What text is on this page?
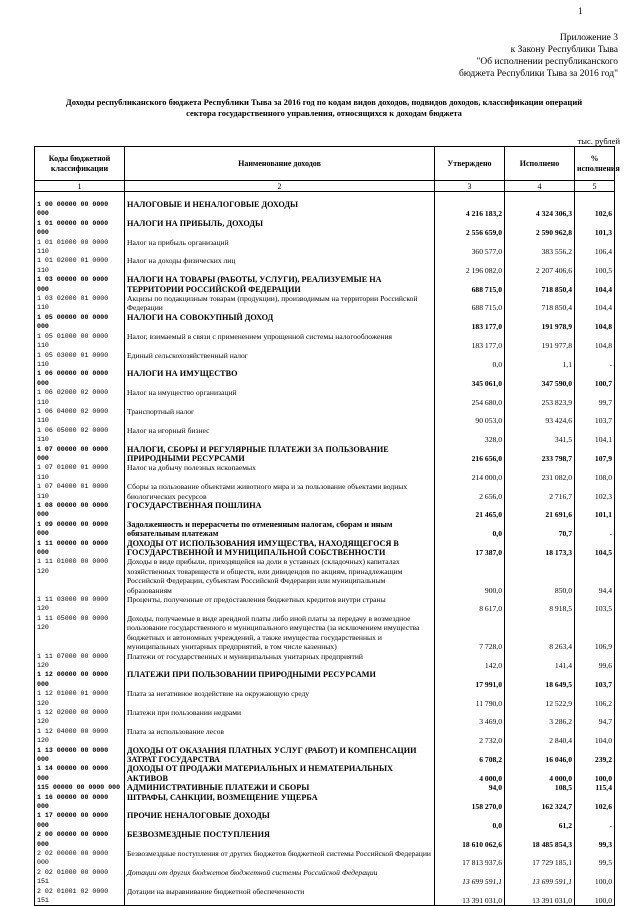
1
Приложение 3
к Закону Республики Тыва
"Об исполнении республиканского
бюджета Республики Тыва за 2016 год"
Доходы республиканского бюджета Республики Тыва за 2016 год по кодам видов доходов, подвидов доходов, классификации операций
сектора государственного управления, относящихся к доходам бюджета
тыс. рублей
Коды бюджетной классификации	Наименование доходов	Утверждено	Исполнено	% исполнения
1	2	3	4	5

1 00 00000 00 0000 000	НАЛОГОВЫЕ И НЕНАЛОГОВЫЕ ДОХОДЫ	4 216 183,2	4 324 306,3	102,6
1 01 00000 00 0000 000	НАЛОГИ НА ПРИБЫЛЬ, ДОХОДЫ	2 556 659,0	2 590 962,8	101,3
1 01 01000 00 0000 110	Налог на прибыль организаций	360 577,0	383 556,2	106,4
1 01 02000 01 0000 110	Налог на доходы физических лиц	2 196 082,0	2 207 406,6	100,5
1 03 00000 00 0000 000	НАЛОГИ НА ТОВАРЫ (РАБОТЫ, УСЛУГИ), РЕАЛИЗУЕМЫЕ НА ТЕРРИТОРИИ РОССИЙСКОЙ ФЕДЕРАЦИИ	688 715,0	718 850,4	104,4
1 03 02000 01 0000 110	Акцизы по подакцизным товарам (продукции), производимым на территории Российской Федерации	688 715,0	718 850,4	104,4
1 05 00000 00 0000 000	НАЛОГИ НА СОВОКУПНЫЙ ДОХОД	183 177,0	191 978,9	104,8
1 05 01000 00 0000 110	Налог, взимаемый в связи с применением упрощенной системы налогообложения	183 177,0	191 977,8	104,8
1 05 03000 01 0000 110	Единый сельскохозяйственный налог	0,0	1,1	-
1 06 00000 00 0000 000	НАЛОГИ НА ИМУЩЕСТВО	345 061,0	347 590,0	100,7
1 06 02000 02 0000 110	Налог на имущество организаций	254 680,0	253 823,9	99,7
1 06 04000 02 0000 110	Транспортный налог	90 053,0	93 424,6	103,7
1 06 05000 02 0000 110	Налог на игорный бизнес	328,0	341,5	104,1
1 07 00000 00 0000 000	НАЛОГИ, СБОРЫ И РЕГУЛЯРНЫЕ ПЛАТЕЖИ ЗА ПОЛЬЗОВАНИЕ ПРИРОДНЫМИ РЕСУРСАМИ	216 656,0	233 798,7	107,9
1 07 01000 01 0000 110	Налог на добычу полезных ископаемых	214 000,0	231 082,0	108,0
1 07 04000 01 0000 110	Сборы за пользование объектами животного мира и за пользование объектами водных биологических ресурсов	2 656,0	2 716,7	102,3
1 08 00000 00 0000 000	ГОСУДАРСТВЕННАЯ ПОШЛИНА	21 465,0	21 691,6	101,1
1 09 00000 00 0000 000	Задолженность и перерасчеты по отмененным налогам, сборам и иным обязательным платежам	0,0	70,7	-
1 11 00000 00 0000 000	ДОХОДЫ ОТ ИСПОЛЬЗОВАНИЯ ИМУЩЕСТВА, НАХОДЯЩЕГОСЯ В ГОСУДАРСТВЕННОЙ И МУНИЦИПАЛЬНОЙ СОБСТВЕННОСТИ	17 387,0	18 173,3	104,5
1 11 01000 00 0000 120	Доходы в виде прибыли, приходящейся на доли в уставных (складочных) капиталах хозяйственных товариществ и обществ, или дивидендов по акциям, принадлежащим Российской Федерации, субъектам Российской Федерации или муниципальным образованиям	900,0	850,0	94,4
1 11 03000 00 0000 120	Проценты, полученные от предоставления бюджетных кредитов внутри страны	8 617,0	8 918,5	103,5
1 11 05000 00 0000 120	Доходы, получаемые в виде арендной платы либо иной платы за передачу в возмездное пользование государственного и муниципального имущества (за исключением имущества бюджетных и автономных учреждений, а также имущества государственных и муниципальных унитарных предприятий, в том числе казенных)	7 728,0	8 263,4	106,9
1 11 07000 00 0000 120	Платежи от государственных и муниципальных унитарных предприятий	142,0	141,4	99,6
1 12 00000 00 0000 000	ПЛАТЕЖИ ПРИ ПОЛЬЗОВАНИИ ПРИРОДНЫМИ РЕСУРСАМИ	17 991,0	18 649,5	103,7
1 12 01000 01 0000 120	Плата за негативное воздействие на окружающую среду	11 790,0	12 522,9	106,2
1 12 02000 00 0000 120	Платежи при пользовании недрами	3 469,0	3 286,2	94,7
1 12 04000 00 0000 120	Плата за использование лесов	2 732,0	2 840,4	104,0
1 13 00000 00 0000 000	ДОХОДЫ ОТ ОКАЗАНИЯ ПЛАТНЫХ УСЛУГ (РАБОТ) И КОМПЕНСАЦИИ ЗАТРАТ ГОСУДАРСТВА	6 708,2	16 046,0	239,2
1 14 00000 00 0000 000	ДОХОДЫ ОТ ПРОДАЖИ МАТЕРИАЛЬНЫХ И НЕМАТЕРИАЛЬНЫХ АКТИВОВ	4 000,0	4 000,0	100,0
115 00000 00 0000 000	АДМИНИСТРАТИВНЫЕ ПЛАТЕЖИ И СБОРЫ	94,0	108,5	115,4
1 16 00000 00 0000 000	ШТРАФЫ, САНКЦИИ, ВОЗМЕЩЕНИЕ УЩЕРБА	158 270,0	162 324,7	102,6
1 17 00000 00 0000 000	ПРОЧИЕ НЕНАЛОГОВЫЕ ДОХОДЫ	0,0	61,2	-
2 00 00000 00 0000 000	БЕЗВОЗМЕЗДНЫЕ ПОСТУПЛЕНИЯ	18 610 062,6	18 485 854,3	99,3
2 02 00000 00 0000 000	Безвозмездные поступления от других бюджетов бюджетной системы Российской Федерации	17 813 937,6	17 729 185,1	99,5
2 02 01000 00 0000 151	Дотации от других бюджетов бюджетной системы Российской Федерации	13 699 591,1	13 699 591,1	100,0
2 02 01001 02 0000 151	Дотации на выравнивание бюджетной обеспеченности	13 391 031,0	13 391 031,0	100,0
